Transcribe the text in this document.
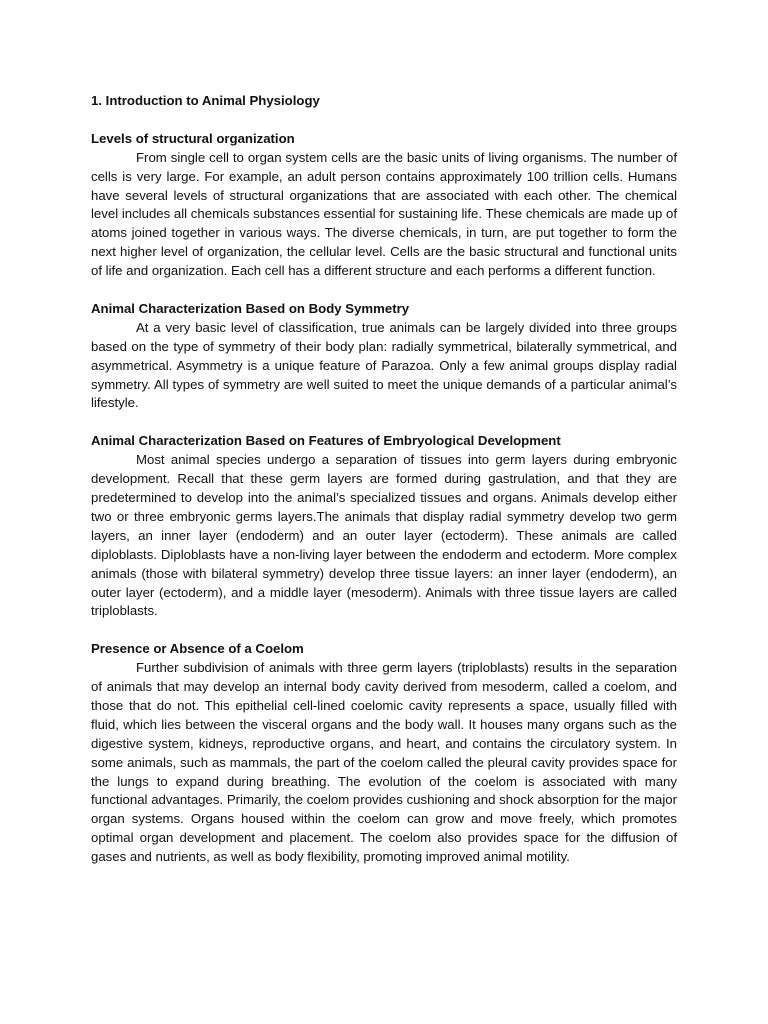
1. Introduction to Animal Physiology
Levels of structural organization

From single cell to organ system cells are the basic units of living organisms. The number of cells is very large. For example, an adult person contains approximately 100 trillion cells. Humans have several levels of structural organizations that are associated with each other. The chemical level includes all chemicals substances essential for sustaining life. These chemicals are made up of atoms joined together in various ways. The diverse chemicals, in turn, are put together to form the next higher level of organization, the cellular level. Cells are the basic structural and functional units of life and organization. Each cell has a different structure and each performs a different function.

Animal Characterization Based on Body Symmetry

At a very basic level of classification, true animals can be largely divided into three groups based on the type of symmetry of their body plan: radially symmetrical, bilaterally symmetrical, and asymmetrical. Asymmetry is a unique feature of Parazoa. Only a few animal groups display radial symmetry. All types of symmetry are well suited to meet the unique demands of a particular animal’s lifestyle.

Animal Characterization Based on Features of Embryological Development

Most animal species undergo a separation of tissues into germ layers during embryonic development. Recall that these germ layers are formed during gastrulation, and that they are predetermined to develop into the animal’s specialized tissues and organs. Animals develop either two or three embryonic germs layers.The animals that display radial symmetry develop two germ layers, an inner layer (endoderm) and an outer layer (ectoderm). These animals are called diploblasts. Diploblasts have a non-living layer between the endoderm and ectoderm. More complex animals (those with bilateral symmetry) develop three tissue layers: an inner layer (endoderm), an outer layer (ectoderm), and a middle layer (mesoderm). Animals with three tissue layers are called triploblasts.

Presence or Absence of a Coelom

Further subdivision of animals with three germ layers (triploblasts) results in the separation of animals that may develop an internal body cavity derived from mesoderm, called a coelom, and those that do not. This epithelial cell-lined coelomic cavity represents a space, usually filled with fluid, which lies between the visceral organs and the body wall. It houses many organs such as the digestive system, kidneys, reproductive organs, and heart, and contains the circulatory system. In some animals, such as mammals, the part of the coelom called the pleural cavity provides space for the lungs to expand during breathing. The evolution of the coelom is associated with many functional advantages. Primarily, the coelom provides cushioning and shock absorption for the major organ systems. Organs housed within the coelom can grow and move freely, which promotes optimal organ development and placement. The coelom also provides space for the diffusion of gases and nutrients, as well as body flexibility, promoting improved animal motility.
